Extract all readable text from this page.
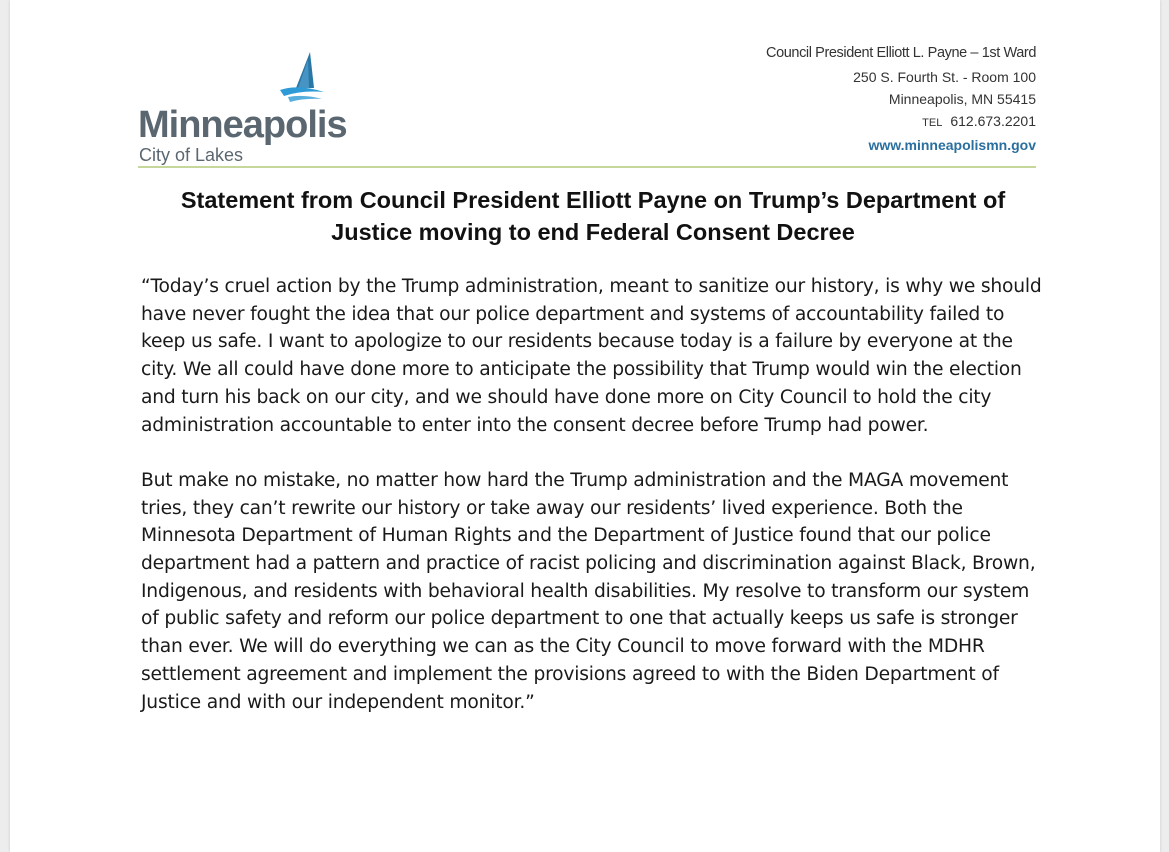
Minneapolis
City of Lakes
Council President Elliott L. Payne – 1st Ward
250 S. Fourth St. - Room 100
Minneapolis, MN 55415
TEL 612.673.2201
www.minneapolismn.gov
Statement from Council President Elliott Payne on Trump’s Department of Justice moving to end Federal Consent Decree

“Today’s cruel action by the Trump administration, meant to sanitize our history, is why we should have never fought the idea that our police department and systems of accountability failed to keep us safe. I want to apologize to our residents because today is a failure by everyone at the city. We all could have done more to anticipate the possibility that Trump would win the election and turn his back on our city, and we should have done more on City Council to hold the city administration accountable to enter into the consent decree before Trump had power.

But make no mistake, no matter how hard the Trump administration and the MAGA movement tries, they can’t rewrite our history or take away our residents’ lived experience. Both the Minnesota Department of Human Rights and the Department of Justice found that our police department had a pattern and practice of racist policing and discrimination against Black, Brown, Indigenous, and residents with behavioral health disabilities. My resolve to transform our system of public safety and reform our police department to one that actually keeps us safe is stronger than ever. We will do everything we can as the City Council to move forward with the MDHR settlement agreement and implement the provisions agreed to with the Biden Department of Justice and with our independent monitor.”
